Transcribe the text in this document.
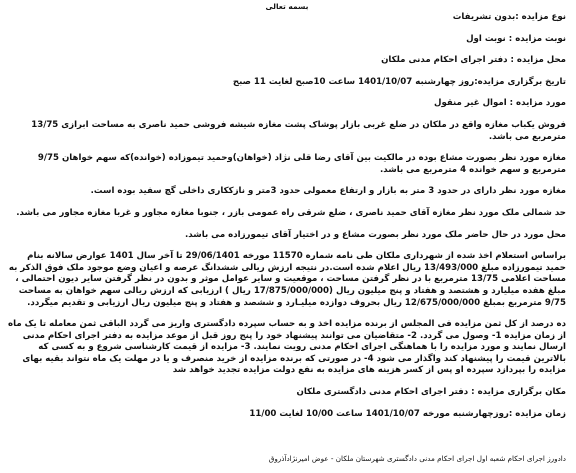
بسمه تعالی
نوع مزایده :بدون تشریفات
نوبت مزایده : نوبت اول
محل مزایده : دفتر اجرای احکام مدنی ملکان
تاریخ برگزاری مزایده:روز چهارشنبه 1401/10/07 ساعت 10صبح لغایت 11 صبح
مورد مزایده : اموال غیر منقول
فروش یکباب مغازه واقع در ملکان در ضلع غربی بازار پوشاک پشت مغازه شیشه فروشی حمید ناصری به مساحت ابرازی 13/75 مترمربع می باشد.
مغازه مورد نظر بصورت مشاع بوده در مالکیت بین آقای رضا قلی نژاد (خواهان)وحمید تیموزاده (خوانده)که سهم خواهان 9/75 مترمربع و سهم خوانده 4 مترمربع می باشد.
مغازه مورد نظر دارای در حدود 3 متر به بازار و ارتفاع معمولی حدود 3متر و نازککاری داخلی گچ سفید بوده است.
حد شمالی ملک مورد نظر مغازه آقای حمید ناصری ، ضلع شرقی راه عمومی بازر ، جنوبا مغازه مجاور و غربا مغازه مجاور می باشد.
محل مورد در حال حاضر ملک مورد نظر بصورت مشاع و در اختیار آقای تیمورزاده می باشد.
براساس استعلام اخذ شده از شهرداری ملکان طی نامه شماره 11570 مورخه 29/06/1401 تا آخر سال 1401 عوارض سالانه بنام حمید تیمورزاده مبلغ 13/493/000 ریال اعلام شده است.در نتیجه ارزش ریالی ششدانگ عرصه و اعیان وضع موجود ملک فوق الذکر به مساحت اعلامی 13/75 مترمربع با در نظر گرفتن مساحت ، موقعیت و سایر عوامل موثر و بدون در نظر گرفتن سایر دیون احتمالی ، مبلغ هفده میلیارد و هشتصد و هفتاد و پنج میلیون ریال (17/875/000/000 ریال ) ارزیابی که ارزش ریالی سهم خواهان به مساحت 9/75 مترمربع بمبلغ 12/675/000/000 ریال بحروف دوازده میلیـارد و ششصد و هفتاد و پنج میلیون ریال ارزیابی و تقدیم میگردد.
ده درصد از کل ثمن مزایده فی المجلس از برنده مزایده اخذ و به حساب سپرده دادگستری واریز می گردد الباقی ثمن معامله تا یک ماه از زمان مزایده 1- وصول می گردد. 2- متقاضیان می توانند پیشنهاد خود را پنج روز قبل از موعد مزایده به دفتر اجرای احکام مدنی ارسال نمایند و مورد مزایده را با هماهنگی اجرای احکام مدنی رویت نمایند. 3- مزایده از قیمت کارشناسی شروع و به کسی که بالاترین قیمت را پیشنهاد کند واگذار می شود 4- در صورتی که برنده مزایده از خرید منصرف و یا در مهلت یک ماه نتواند بقیه بهای مزایده را بپردازد سپرده او پس از کسر هزینه های مزایده به نفع دولت مزایده تجدید خواهد شد
مکان برگزاری مزایده : دفتر اجرای احکام مدنی دادگستری ملکان
زمان مزایده :روزچهارشنبه مورخه 1401/10/07 ساعت 10/00 لغایت 11/00
دادورز اجرای احکام شعبه اول اجرای احکام مدنی دادگستری شهرستان ملکان - عوض امیرنژادآذروق
